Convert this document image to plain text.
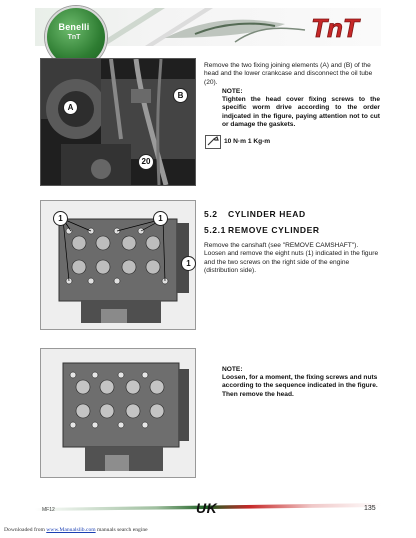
Benelli
TnT	TnT
A
B
20
Remove the two fixing joining elements (A) and (B) of the head and the lower crankcase and disconnect the oil tube (20).
NOTE:
Tighten the head cover fixing screws to the specific worm drive according to the order indjcated in the figure, paying attention not to cut or damage the gaskets.
10 N·m 1 Kg-m
1	1
1
5.2 CYLINDER HEAD
5.2.1 REMOVE CYLINDER
Remove the canshaft (see "REMOVE CAMSHAFT").
Loosen and remove the eight nuts (1) indicated in the figure and the two screws on the right side of the engine (distribution side).
NOTE:
Loosen, for a moment, the fixing screws and nuts according to the sequence indicated in the figure. Then remove the head.
MF12	UK	135
Downloaded from www.Manualslib.com manuals search engine
